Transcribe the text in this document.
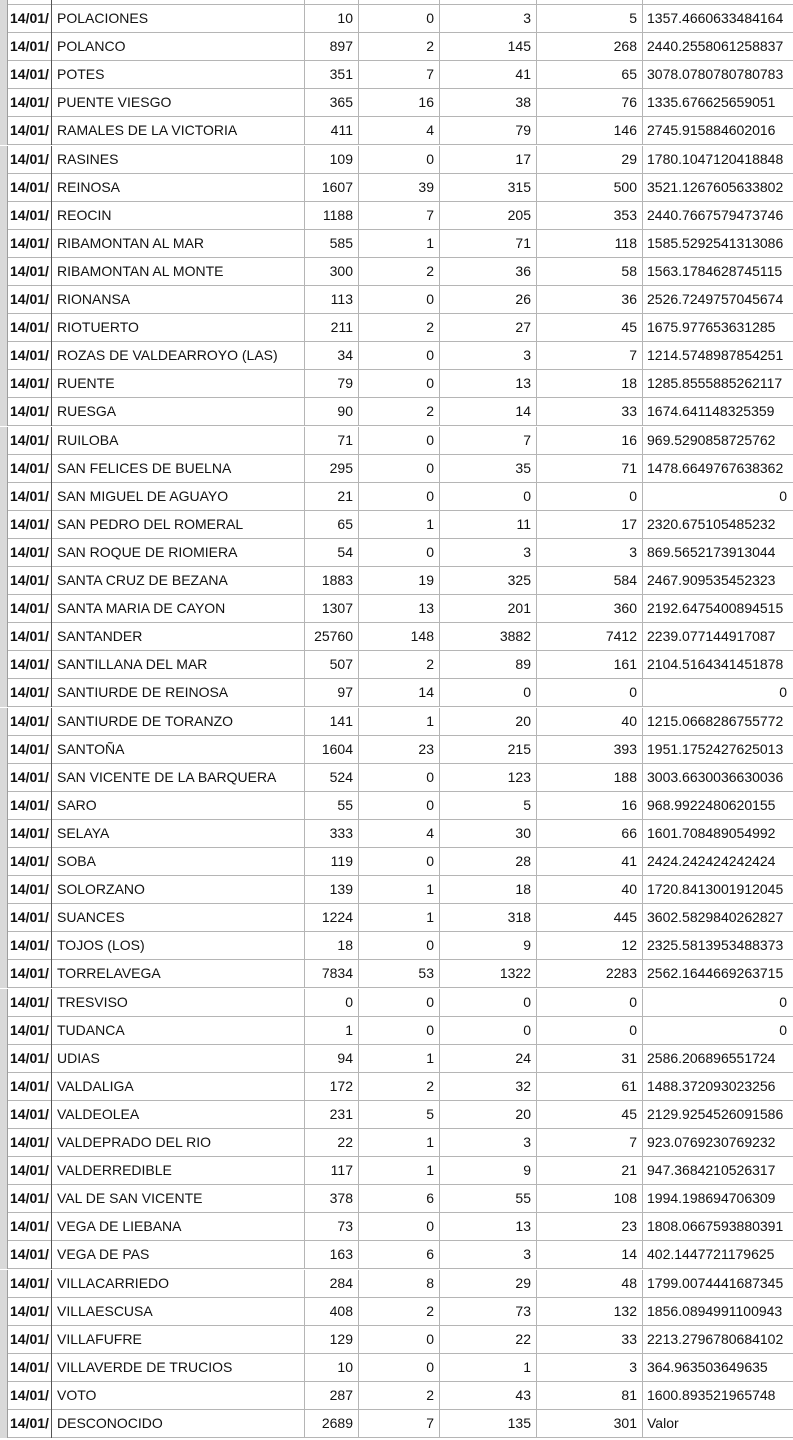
14/01/ POLACIONES	10	0	3	5 1357.4660633484164
14/01/ POLANCO	897	2	145	268 2440.2558061258837
14/01/ POTES	351	7	41	65 3078.0780780780783
14/01/ PUENTE VIESGO	365	16	38	76 1335.676625659051
14/01/ RAMALES DE LA VICTORIA	411	4	79	146 2745.915884602016
14/01/ RASINES	109	0	17	29 1780.1047120418848
14/01/ REINOSA	1607	39	315	500 3521.1267605633802
14/01/ REOCIN	1188	7	205	353 2440.7667579473746
14/01/ RIBAMONTAN AL MAR	585	1	71	118 1585.5292541313086
14/01/ RIBAMONTAN AL MONTE	300	2	36	58 1563.1784628745115
14/01/ RIONANSA	113	0	26	36 2526.7249757045674
14/01/ RIOTUERTO	211	2	27	45 1675.977653631285
14/01/ ROZAS DE VALDEARROYO (LAS)	34	0	3	7 1214.5748987854251
14/01/ RUENTE	79	0	13	18 1285.8555885262117
14/01/ RUESGA	90	2	14	33 1674.641148325359
14/01/ RUILOBA	71	0	7	16 969.5290858725762
14/01/ SAN FELICES DE BUELNA	295	0	35	71 1478.6649767638362
14/01/ SAN MIGUEL DE AGUAYO	21	0	0	0	0
14/01/ SAN PEDRO DEL ROMERAL	65	1	11	17 2320.675105485232
14/01/ SAN ROQUE DE RIOMIERA	54	0	3	3 869.5652173913044
14/01/ SANTA CRUZ DE BEZANA	1883	19	325	584 2467.909535452323
14/01/ SANTA MARIA DE CAYON	1307	13	201	360 2192.6475400894515
14/01/ SANTANDER	25760	148	3882	7412 2239.077144917087
14/01/ SANTILLANA DEL MAR	507	2	89	161 2104.5164341451878
14/01/ SANTIURDE DE REINOSA	97	14	0	0	0
14/01/ SANTIURDE DE TORANZO	141	1	20	40 1215.0668286755772
14/01/ SANTOÑA	1604	23	215	393 1951.1752427625013
14/01/ SAN VICENTE DE LA BARQUERA	524	0	123	188 3003.6630036630036
14/01/ SARO	55	0	5	16 968.9922480620155
14/01/ SELAYA	333	4	30	66 1601.708489054992
14/01/ SOBA	119	0	28	41 2424.242424242424
14/01/ SOLORZANO	139	1	18	40 1720.8413001912045
14/01/ SUANCES	1224	1	318	445 3602.5829840262827
14/01/ TOJOS (LOS)	18	0	9	12 2325.5813953488373
14/01/ TORRELAVEGA	7834	53	1322	2283 2562.1644669263715
14/01/ TRESVISO	0	0	0	0	0
14/01/ TUDANCA	1	0	0	0	0
14/01/ UDIAS	94	1	24	31 2586.206896551724
14/01/ VALDALIGA	172	2	32	61 1488.372093023256
14/01/ VALDEOLEA	231	5	20	45 2129.9254526091586
14/01/ VALDEPRADO DEL RIO	22	1	3	7 923.0769230769232
14/01/ VALDERREDIBLE	117	1	9	21 947.3684210526317
14/01/ VAL DE SAN VICENTE	378	6	55	108 1994.198694706309
14/01/ VEGA DE LIEBANA	73	0	13	23 1808.0667593880391
14/01/ VEGA DE PAS	163	6	3	14 402.1447721179625
14/01/ VILLACARRIEDO	284	8	29	48 1799.0074441687345
14/01/ VILLAESCUSA	408	2	73	132 1856.0894991100943
14/01/ VILLAFUFRE	129	0	22	33 2213.2796780684102
14/01/ VILLAVERDE DE TRUCIOS	10	0	1	3 364.963503649635
14/01/ VOTO	287	2	43	81 1600.893521965748
14/01/ DESCONOCIDO	2689	7	135	301 Valor
